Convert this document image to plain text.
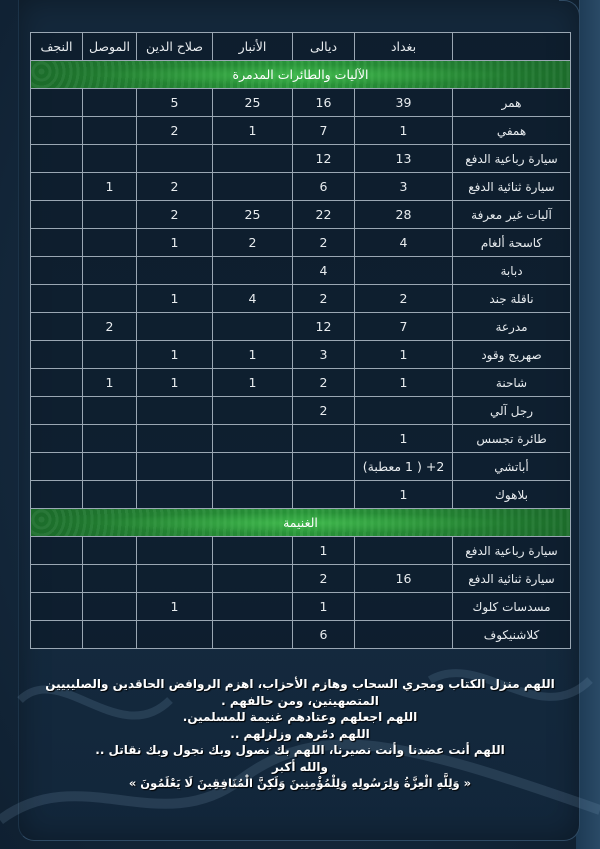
	بغداد	ديالى	الأنبار	صلاح الدين	الموصل	النجف
الآليات والطائرات المدمرة						
همر	39	16	25	5		
همفي	1	7	1	2		
سيارة رباعية الدفع	13	12				
سيارة ثنائية الدفع	3	6		2	1	
آليات غير معرفة	28	22	25	2		
كاسحة ألغام	4	2	2	1		
دبابة		4				
ناقلة جند	2	2	4	1		
مدرعة	7	12			2	
صهريج وقود	1	3	1	1		
شاحنة	1	2	1	1	1	
رجل آلي		2				
طائرة تجسس	1					
أباتشي	2+ ( 1 معطبة)					
بلاهوك	1					
الغنيمة						
سيارة رباعية الدفع		1				
سيارة ثنائية الدفع	16	2				
مسدسات كلوك		1		1		
كلاشنيكوف		6				
اللهم منزل الكتاب ومجري السحاب وهازم الأحزاب، اهزم الروافض الحاقدين والصليبيين المتصهينين، ومن حالفهم .
اللهم اجعلهم وعتادهم غنيمة للمسلمين.
اللهم دمّرهم وزلزلهم ..
اللهم أنت عضدنا وأنت نصيرنا، اللهم بك نصول وبك نجول وبك نقاتل ..
والله أكبر
« وَلِلَّهِ الْعِزَّةُ وَلِرَسُولِهِ وَلِلْمُؤْمِنِينَ وَلَكِنَّ الْمُنَافِقِينَ لَا يَعْلَمُونَ »
